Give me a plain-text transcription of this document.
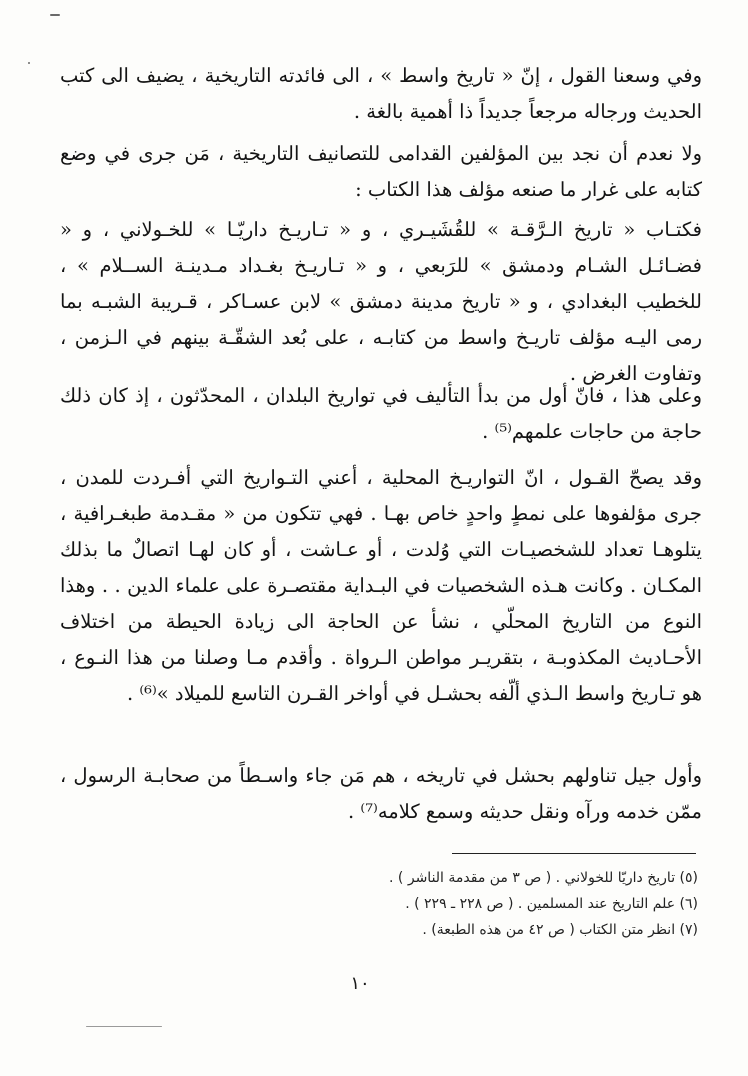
وفي وسعنا القول ، إنّ « تاريخ واسط » ، الى فائدته التاريخية ، يضيف الى كتب الحديث ورجاله مرجعاً جديداً ذا أهمية بالغة .

ولا نعدم أن نجد بين المؤلفين القدامى للتصانيف التاريخية ، مَن جرى في وضع كتابه على غرار ما صنعه مؤلف هذا الكتاب :

فكتـاب « تاريخ الـرَّقـة » للقُشَيـري ، و « تـاريـخ داريّـا » للخـولاني ، و « فضـائـل الشـام ودمشق » للرَبعي ، و « تـاريـخ بغـداد مـدينـة الســلام » ، للخطيب البغدادي ، و « تاريخ مدينة دمشق » لابن عسـاكر ، قـريبة الشبـه بما رمى اليـه مؤلف تاريـخ واسط من كتابـه ، على بُعد الشقّـة بينهم في الـزمن ، وتفاوت الغرض .

وعلى هذا ، فانّ أول من بدأ التأليف في تواريخ البلدان ، المحدّثون ، إذ كان ذلك حاجة من حاجات علمهم⁽⁵⁾ .

وقد يصحّ القـول ، انّ التواريـخ المحلية ، أعني التـواريخ التي أفـردت للمدن ، جرى مؤلفوها على نمطٍ واحدٍ خاص بهـا . فهي تتكون من « مقـدمة طبغـرافية ، يتلوهـا تعداد للشخصيـات التي وُلدت ، أو عـاشت ، أو كان لهـا اتصالٌ ما بذلك المكـان . وكانت هـذه الشخصيات في البـداية مقتصـرة على علماء الدين . . وهذا النوع من التاريخ المحلّي ، نشأ عن الحاجة الى زيادة الحيطة من اختلاف الأحـاديث المكذوبـة ، بتقريـر مواطن الـرواة . وأقدم مـا وصلنا من هذا النـوع ، هو تـاريخ واسط الـذي ألّفه بحشـل في أواخر القـرن التاسع للميلاد »⁽⁶⁾ .

وأول جيل تناولهم بحشل في تاريخه ، هم مَن جاء واسـطاً من صحابـة الرسول ، ممّن خدمه ورآه ونقل حديثه وسمع كلامه⁽⁷⁾ .

(٥) تاريخ داريّا للخولاني . ( ص ٣ من مقدمة الناشر ) .

(٦) علم التاريخ عند المسلمين . ( ص ٢٢٨ ـ ٢٢٩ ) .

(٧) انظر متن الكتاب ( ص ٤٢ من هذه الطبعة) .

١٠
